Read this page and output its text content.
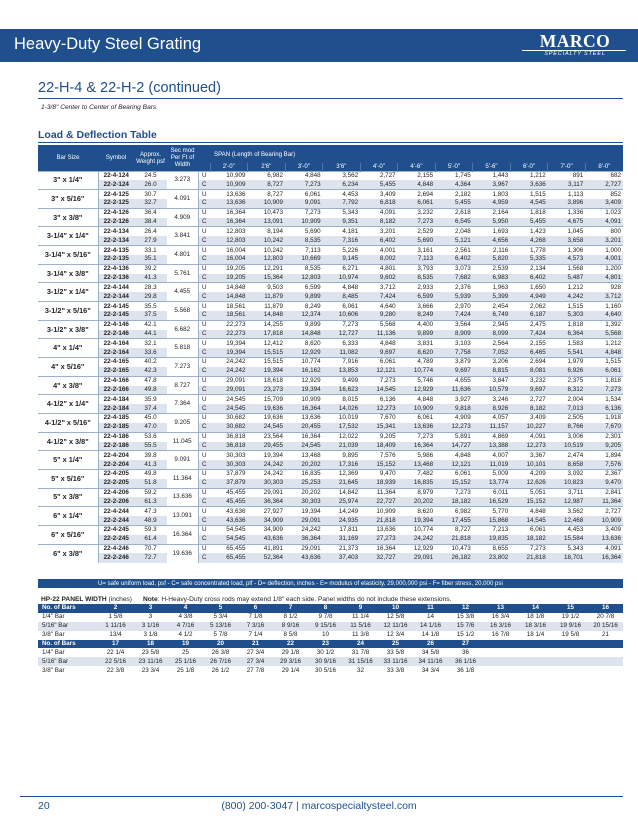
Heavy-Duty Steel Grating	MARCO
SPECIALTY STEEL
22-H-4 & 22-H-2 (continued)
1-3/8" Center to Center of Bearing Bars
Load & Deflection Table
Bar Size	Symbol	Approx. Weight psf	Sec mod Per Ft of Width		SPAN (Length of Bearing Bar)										
					2'-0"	2'6"	3'-0"	3'6"	4'-0"	4'-6"	5'-0"	5'-6"	6'-0"	7'-0"	8'-0"
3" x 1/4"	22-4-124	24.5	3.273	U	10,909	6,982	4,848	3,562	2,727	2,155	1,745	1,443	1,212	891	682
	22-2-124	26.0		C	10,909	8,727	7,273	6,234	5,455	4,848	4,364	3,967	3,636	3,117	2,727
3" x 5/16"	22-4-125	30.7	4.091	U	13,636	8,727	6,061	4,453	3,409	2,694	2,182	1,803	1,515	1,113	852
	22-2-125	32.7		C	13,636	10,909	9,091	7,792	6,818	6,061	5,455	4,959	4,545	3,896	3,409
3" x 3/8"	22-4-126	36.4	4.909	U	16,364	10,473	7,273	5,343	4,091	3,232	2,618	2,164	1,818	1,336	1,023
	22-2-126	38.4		C	16,364	13,091	10,909	9,351	8,182	7,273	6,545	5,950	5,455	4,675	4,091
3-1/4" x 1/4"	22-4-134	26.4	3.841	U	12,803	8,194	5,690	4,181	3,201	2,529	2,048	1,693	1,423	1,045	800
	22-2-134	27.9		C	12,803	10,242	8,535	7,316	6,402	5,690	5,121	4,656	4,268	3,658	3,201
3-1/4" x 5/16"	22-4-135	33.1	4.801	U	16,004	10,242	7,113	5,226	4,001	3,161	2,561	2,116	1,778	1,306	1,000
	22-2-135	35.1		C	16,004	12,803	10,669	9,145	8,002	7,113	6,402	5,820	5,335	4,573	4,001
3-1/4" x 3/8"	22-4-136	39.2	5.761	U	19,205	12,291	8,535	6,271	4,801	3,793	3,073	2,539	2,134	1,568	1,200
	22-2-136	41.3		C	19,205	15,364	12,803	10,974	9,602	8,535	7,682	6,983	6,402	5,487	4,801
3-1/2" x 1/4"	22-4-144	28.3	4.455	U	14,848	9,503	6,599	4,848	3,712	2,933	2,376	1,963	1,650	1,212	928
	22-2-144	29.8		C	14,848	11,879	9,899	8,485	7,424	6,599	5,939	5,399	4,949	4,242	3,712
3-1/2" x 5/16"	22-4-145	35.5	5.568	U	18,561	11,879	8,249	6,061	4,640	3,666	2,970	2,454	2,062	1,515	1,160
	22-2-145	37.5		C	18,561	14,848	12,374	10,606	9,280	8,249	7,424	6,749	6,187	5,303	4,640
3-1/2" x 3/8"	22-4-146	42.1	6.682	U	22,273	14,255	9,899	7,273	5,568	4,400	3,564	2,945	2,475	1,818	1,392
	22-2-146	44.1		C	22,273	17,818	14,848	12,727	11,136	9,899	8,909	8,099	7,424	6,364	5,568
4" x 1/4"	22-4-164	32.1	5.818	U	19,394	12,412	8,620	6,333	4,848	3,831	3,103	2,564	2,155	1,583	1,212
	22-2-164	33.6		C	19,394	15,515	12,929	11,082	9,697	8,620	7,758	7,052	6,465	5,541	4,848
4" x 5/16"	22-4-165	40.2	7.273	U	24,242	15,515	10,774	7,916	6,061	4,789	3,879	3,206	2,694	1,979	1,515
	22-2-165	42.3		C	24,242	19,394	16,162	13,853	12,121	10,774	9,697	8,815	8,081	6,926	6,061
4" x 3/8"	22-4-166	47.8	8.727	U	29,091	18,618	12,929	9,499	7,273	5,746	4,655	3,847	3,232	2,375	1,818
	22-2-166	49.8		C	29,091	23,273	19,394	16,623	14,545	12,929	11,636	10,579	9,697	8,312	7,273
4-1/2" x 1/4"	22-4-184	35.9	7.364	U	24,545	15,709	10,909	8,015	6,136	4,848	3,927	3,246	2,727	2,004	1,534
	22-2-184	37.4		C	24,545	19,636	16,364	14,026	12,273	10,909	9,818	8,926	8,182	7,013	6,136
4-1/2" x 5/16"	22-4-185	45.0	9.205	U	30,682	19,636	13,636	10,019	7,670	6,061	4,909	4,057	3,409	2,505	1,918
	22-2-185	47.0		C	30,682	24,545	20,455	17,532	15,341	13,636	12,273	11,157	10,227	8,766	7,670
4-1/2" x 3/8"	22-4-186	53.6	11.045	U	36,818	23,564	16,364	12,022	9,205	7,273	5,891	4,869	4,091	3,006	2,301
	22-2-186	55.5		C	36,818	29,455	24,545	21,039	18,409	16,364	14,727	13,388	12,273	10,519	9,205
5" x 1/4"	22-4-204	39.8	9.091	U	30,303	19,394	13,468	9,895	7,576	5,986	4,848	4,007	3,367	2,474	1,894
	22-2-204	41.3		C	30,303	24,242	20,202	17,316	15,152	13,468	12,121	11,019	10,101	8,658	7,576
5" x 5/16"	22-4-205	49.8	11.364	U	37,879	24,242	16,835	12,369	9,470	7,482	6,061	5,009	4,209	3,092	2,367
	22-2-205	51.8		C	37,879	30,303	25,253	21,645	18,939	16,835	15,152	13,774	12,626	10,823	9,470
5" x 3/8"	22-4-206	59.2	13.636	U	45,455	29,091	20,202	14,842	11,364	8,979	7,273	6,011	5,051	3,711	2,841
	22-2-206	61.3		C	45,455	36,364	30,303	25,974	22,727	20,202	18,182	16,529	15,152	12,987	11,364
6" x 1/4"	22-4-244	47.3	13.091	U	43,636	27,927	19,394	14,249	10,909	8,620	6,982	5,770	4,848	3,562	2,727
	22-2-244	48.9		C	43,636	34,909	29,091	24,935	21,818	19,394	17,455	15,868	14,545	12,468	10,909
6" x 5/16"	22-4-245	59.3	16.364	U	54,545	34,909	24,242	17,811	13,636	10,774	8,727	7,213	6,061	4,453	3,409
	22-2-245	61.4		C	54,545	43,636	36,364	31,169	27,273	24,242	21,818	19,835	18,182	15,584	13,636
6" x 3/8"	22-4-246	70.7	19.636	U	65,455	41,891	29,091	21,373	16,364	12,929	10,473	8,655	7,273	5,343	4,091
	22-2-246	72.7		C	65,455	52,364	43,636	37,403	32,727	29,091	26,182	23,802	21,818	18,701	16,364
U= safe uniform load, psf - C= safe concentrated load, plf - D= deflection, inches - E= modulus of elasticity, 29,000,000 psi - F= fiber stress, 20,000 psi
HP-22 PANEL WIDTH (inches) Note: H-Heavy-Duty cross rods may extend 1/8" each side. Panel widths do not include these extensions.
No. of Bars	2	3	4	5	6	7	8	9	10	11	12	13	14	15	16
1/4" Bar	1 5/8	3	4 3/8	5 3/4	7 1/8	8 1/2	9 7/8	11 1/4	12 5/8	14	15 3/8	16 3/4	18 1/8	19 1/2	20 7/8
5/16" Bar	1 11/16	3 1/16	4 7/16	5 13/16	7 3/16	8 9/16	9 15/16	11 5/16	12 11/16	14 1/16	15 7/6	16 3/16	18 3/16	19 9/16	20 15/16
3/8" Bar	13/4	3 1/8	4 1/2	5 7/8	7 1/4	8 5/8	10	11 3/8	12 3/4	14 1/8	15 1/2	16 7/8	18 1/4	19 5/8	21
No. of Bars	17	18	19	20	21	22	23	24	25	26	27				
1/4" Bar	22 1/4	23 5/8	25	26 3/8	27 3/4	29 1/8	30 1/2	31 7/8	33 5/8	34 5/8	36				
5/16" Bar	22 5/16	23 11/16	25 1/16	26 7/16	27 3/4	29 3/16	30 9/16	31 15/16	33 11/16	34 11/16	36 1/16				
3/8" Bar	22 3/8	23 3/4	25 1/8	26 1/2	27 7/8	29 1/4	30 5/16	32	33 3/8	34 3/4	36 1/8				
(800) 200-3047 | marcospecialtysteel.com
20
